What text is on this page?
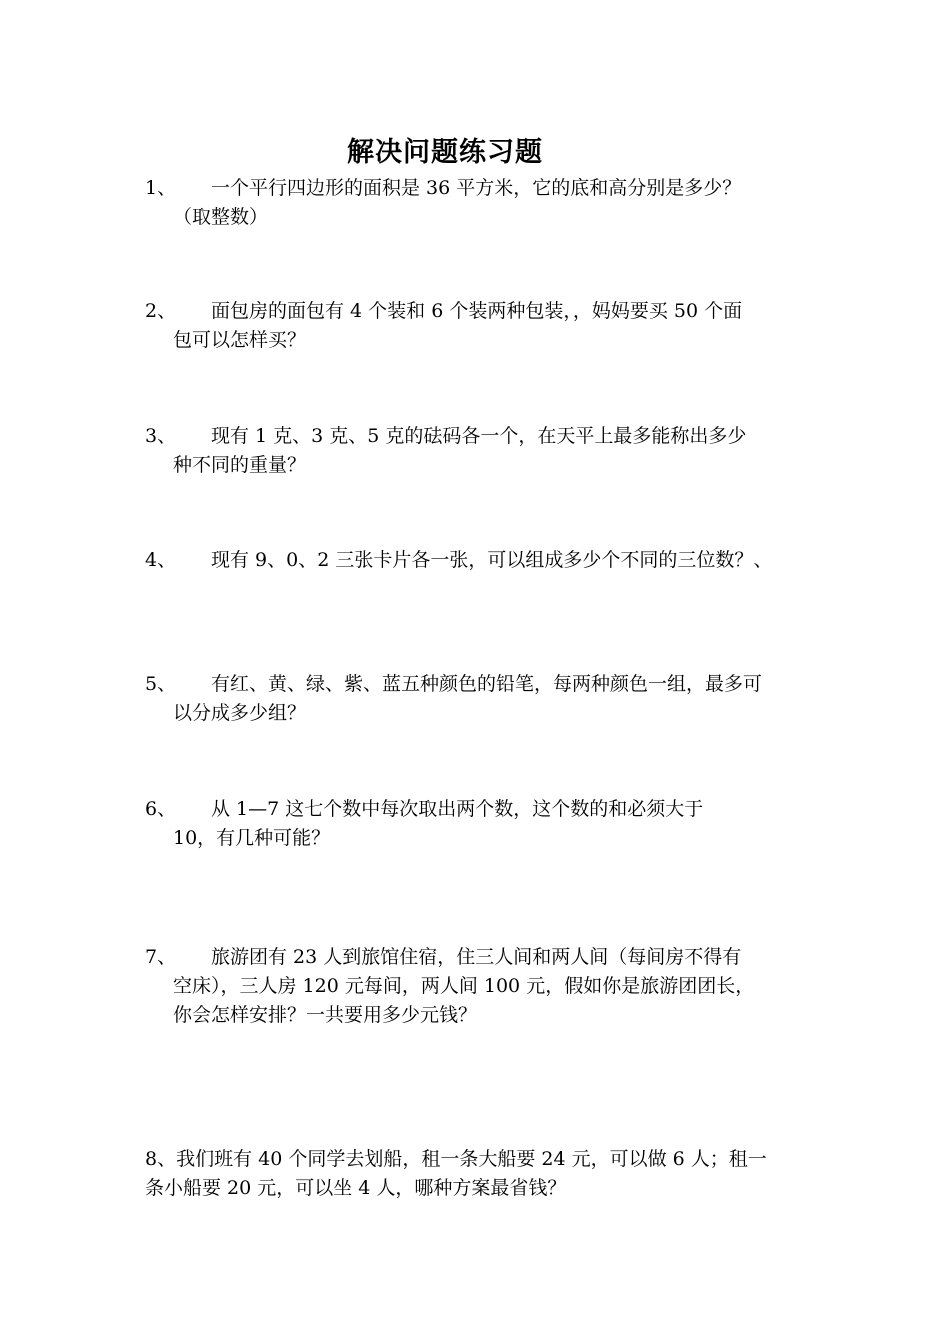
解决问题练习题
1、 一个平行四边形的面积是 36 平方米，它的底和高分别是多少？
（取整数）
2、 面包房的面包有 4 个装和 6 个装两种包装，，妈妈要买 50 个面
包可以怎样买？
3、 现有 1 克、3 克、5 克的砝码各一个，在天平上最多能称出多少
种不同的重量？
4、 现有 9、0、2 三张卡片各一张，可以组成多少个不同的三位数？、
5、 有红、黄、绿、紫、蓝五种颜色的铅笔，每两种颜色一组，最多可
以分成多少组？
6、 从 1—7 这七个数中每次取出两个数，这个数的和必须大于
10，有几种可能？
7、 旅游团有 23 人到旅馆住宿，住三人间和两人间（每间房不得有
空床），三人房 120 元每间，两人间 100 元，假如你是旅游团团长，
你会怎样安排？一共要用多少元钱？
8、我们班有 40 个同学去划船，租一条大船要 24 元，可以做 6 人；租一
条小船要 20 元，可以坐 4 人，哪种方案最省钱？
